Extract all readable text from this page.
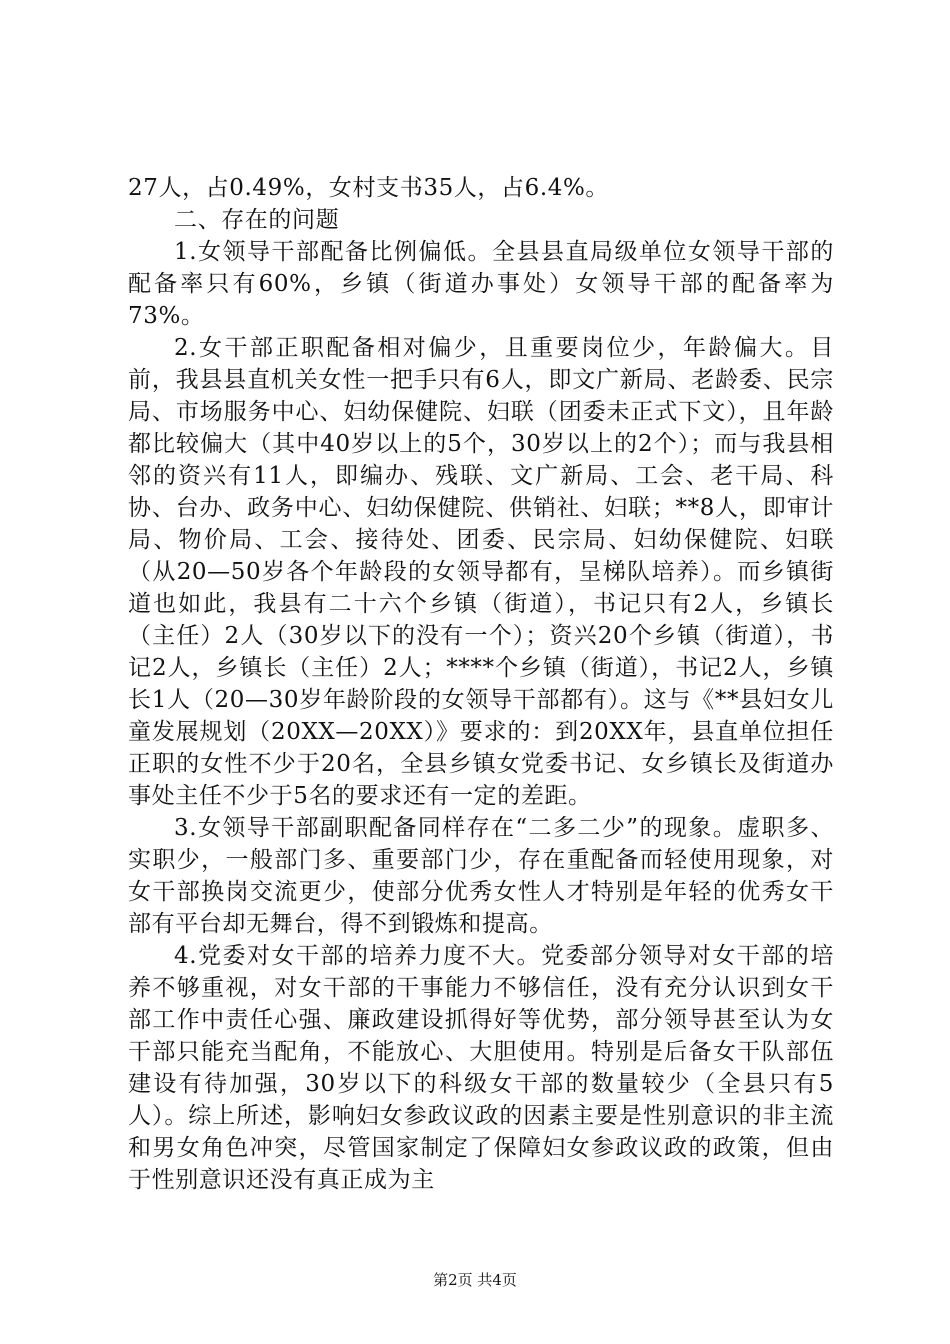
27人，占0.49%，女村支书35人，占6.4%。

二、存在的问题

1.女领导干部配备比例偏低。全县县直局级单位女领导干部的配备率只有60%，乡镇（街道办事处）女领导干部的配备率为73%。

2.女干部正职配备相对偏少，且重要岗位少，年龄偏大。目前，我县县直机关女性一把手只有6人，即文广新局、老龄委、民宗局、市场服务中心、妇幼保健院、妇联（团委未正式下文），且年龄都比较偏大（其中40岁以上的5个，30岁以上的2个）；而与我县相邻的资兴有11人，即编办、残联、文广新局、工会、老干局、科协、台办、政务中心、妇幼保健院、供销社、妇联；**8人，即审计局、物价局、工会、接待处、团委、民宗局、妇幼保健院、妇联（从20—50岁各个年龄段的女领导都有，呈梯队培养）。而乡镇街道也如此，我县有二十六个乡镇（街道），书记只有2人，乡镇长（主任）2人（30岁以下的没有一个）；资兴20个乡镇（街道），书记2人，乡镇长（主任）2人；****个乡镇（街道），书记2人，乡镇长1人（20—30岁年龄阶段的女领导干部都有）。这与《**县妇女儿童发展规划（20XX—20XX）》要求的：到20XX年，县直单位担任正职的女性不少于20名，全县乡镇女党委书记、女乡镇长及街道办事处主任不少于5名的要求还有一定的差距。

3.女领导干部副职配备同样存在“二多二少”的现象。虚职多、实职少，一般部门多、重要部门少，存在重配备而轻使用现象，对女干部换岗交流更少，使部分优秀女性人才特别是年轻的优秀女干部有平台却无舞台，得不到锻炼和提高。

4.党委对女干部的培养力度不大。党委部分领导对女干部的培养不够重视，对女干部的干事能力不够信任，没有充分认识到女干部工作中责任心强、廉政建设抓得好等优势，部分领导甚至认为女干部只能充当配角，不能放心、大胆使用。特别是后备女干队部伍建设有待加强，30岁以下的科级女干部的数量较少（全县只有5人）。综上所述，影响妇女参政议政的因素主要是性别意识的非主流和男女角色冲突，尽管国家制定了保障妇女参政议政的政策，但由于性别意识还没有真正成为主

第2页 共4页
